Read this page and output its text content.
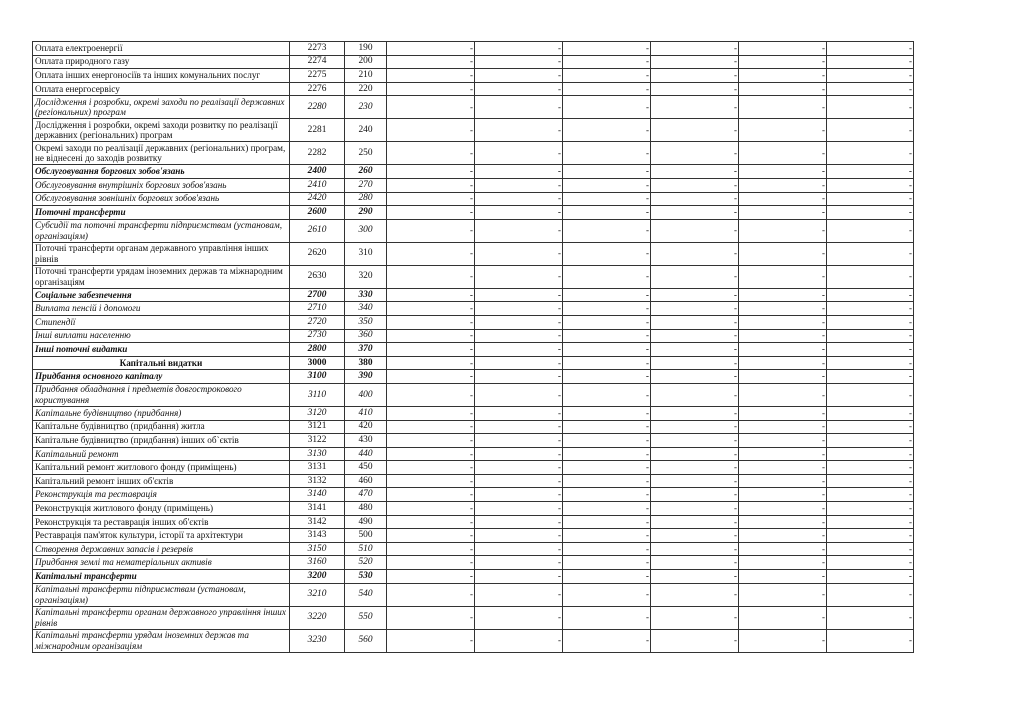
Оплата електроенергії	2273	190	-	-	-	-	-	-
Оплата природного газу	2274	200	-	-	-	-	-	-
Оплата інших енергоносіїв та інших комунальних послуг	2275	210	-	-	-	-	-	-
Оплата енергосервісу	2276	220	-	-	-	-	-	-
Дослідження і розробки, окремі заходи по реалізації державних (регіональних) програм	2280	230	-	-	-	-	-	-
Дослідження і розробки, окремі заходи розвитку по реалізації державних (регіональних) програм	2281	240	-	-	-	-	-	-
Окремі заходи по реалізації державних (регіональних) програм, не віднесені до заходів розвитку	2282	250	-	-	-	-	-	-
Обслуговування боргових зобов'язань	2400	260	-	-	-	-	-	-
Обслуговування внутрішніх боргових зобов'язань	2410	270	-	-	-	-	-	-
Обслуговування зовнішніх боргових зобов'язань	2420	280	-	-	-	-	-	-
Поточні трансферти	2600	290	-	-	-	-	-	-
Субсидії та поточні трансферти підприємствам (установам, організаціям)	2610	300	-	-	-	-	-	-
Поточні трансферти органам державного управління інших рівнів	2620	310	-	-	-	-	-	-
Поточні трансферти урядам іноземних держав та міжнародним організаціям	2630	320	-	-	-	-	-	-
Соціальне забезпечення	2700	330	-	-	-	-	-	-
Виплата пенсій і допомоги	2710	340	-	-	-	-	-	-
Стипендії	2720	350	-	-	-	-	-	-
Інші виплати населенню	2730	360	-	-	-	-	-	-
Інші поточні видатки	2800	370	-	-	-	-	-	-
Капітальні видатки	3000	380	-	-	-	-	-	-
Придбання основного капіталу	3100	390	-	-	-	-	-	-
Придбання обладнання і предметів довгострокового користування	3110	400	-	-	-	-	-	-
Капітальне будівництво (придбання)	3120	410	-	-	-	-	-	-
Капітальне будівництво (придбання) житла	3121	420	-	-	-	-	-	-
Капітальне будівництво (придбання) інших об`єктів	3122	430	-	-	-	-	-	-
Капітальний ремонт	3130	440	-	-	-	-	-	-
Капітальний ремонт житлового фонду (приміщень)	3131	450	-	-	-	-	-	-
Капітальний ремонт інших об'єктів	3132	460	-	-	-	-	-	-
Реконструкція та реставрація	3140	470	-	-	-	-	-	-
Реконструкція житлового фонду (приміщень)	3141	480	-	-	-	-	-	-
Реконструкція та реставрація інших об'єктів	3142	490	-	-	-	-	-	-
Реставрація пам'яток культури, історії та архітектури	3143	500	-	-	-	-	-	-
Створення державних запасів і резервів	3150	510	-	-	-	-	-	-
Придбання землі та нематеріальних активів	3160	520	-	-	-	-	-	-
Капітальні трансферти	3200	530	-	-	-	-	-	-
Капітальні трансферти підприємствам (установам, організаціям)	3210	540	-	-	-	-	-	-
Капітальні трансферти органам державного управління інших рівнів	3220	550	-	-	-	-	-	-
Капітальні трансферти урядам іноземних держав та міжнародним організаціям	3230	560	-	-	-	-	-	-
